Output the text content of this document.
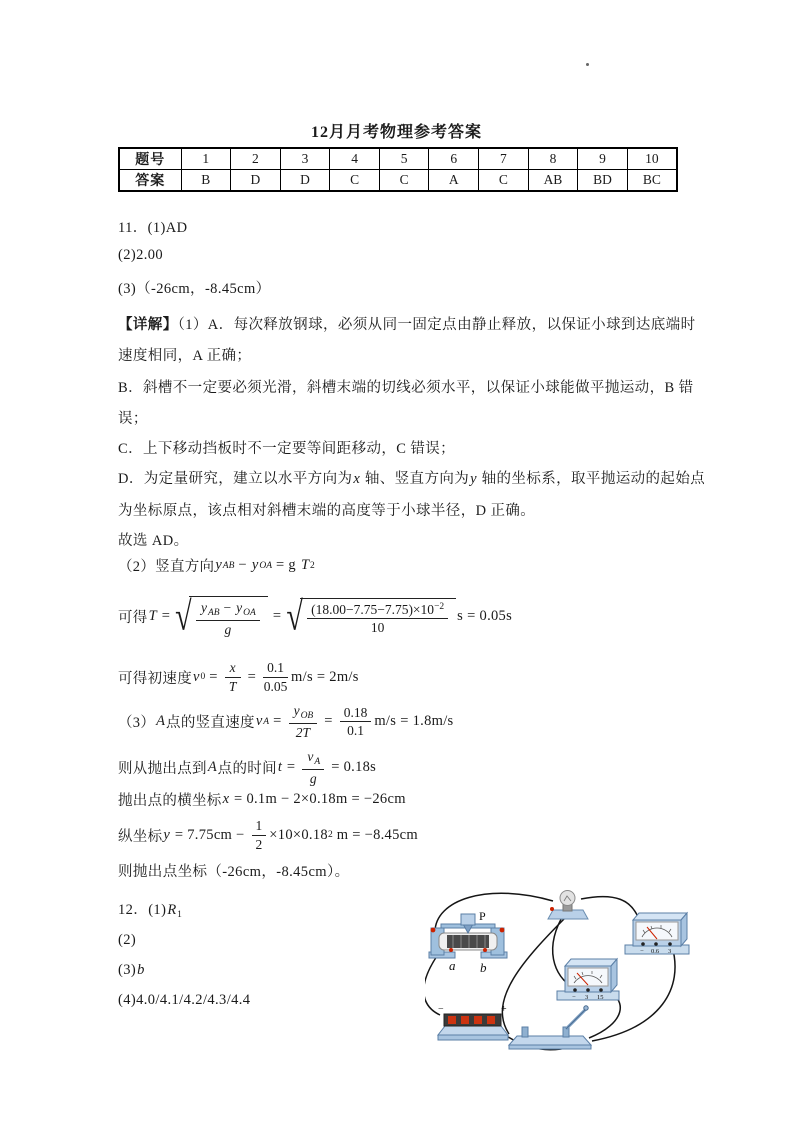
12月月考物理参考答案
题号	1	2	3	4	5	6	7	8	9	10
答案	B	D	D	C	C	A	C	AB	BD	BC
11．(1)AD
(2)2.00
(3)（-26cm，-8.45cm）
【详解】（1）A．每次释放钢球，必须从同一固定点由静止释放，以保证小球到达底端时
速度相同，A 正确；
B．斜槽不一定要必须光滑，斜槽末端的切线必须水平，以保证小球能做平抛运动，B 错
误；
C．上下移动挡板时不一定要等间距移动，C 错误；
D．为定量研究，建立以水平方向为x 轴、竖直方向为y 轴的坐标系，取平抛运动的起始点
为坐标原点，该点相对斜槽末端的高度等于小球半径，D 正确。
故选 AD。
（2）竖直方向 y AB − y OA = g T 2
可得 T = √ $\frac{y_{AB} - y_{OA}}{g}$ = √ $\frac{(18.00-7.75-7.75)\times 10^{-2}}{10}$ s = 0.05s
可得初速度 v $0 = \frac{x}{T} = \frac{0.1}{0.05} m/s = 2m/s$
（3） A 点的竖直速度 v $A = \frac{y_{OB}}{2T} = \frac{0.18}{0.1} m/s = 1.8m/s$
则从抛出点到 A 点的时间 $t = \frac{v_A}{g} = 0.18s$
抛出点的横坐标 x = 0.1m − 2×0.18m = −26cm
纵坐标 $y = 7.75cm - \frac{1}{2} \times 10\times 0.18$ 2 m = −8.45cm
则抛出点坐标（-26cm，-8.45cm）。
12．$(1)R_1$
(2)
(3)b
(4)4.0/4.1/4.2/4.3/4.4
P
a b
− 3 15
− 0.6 3
−	+
